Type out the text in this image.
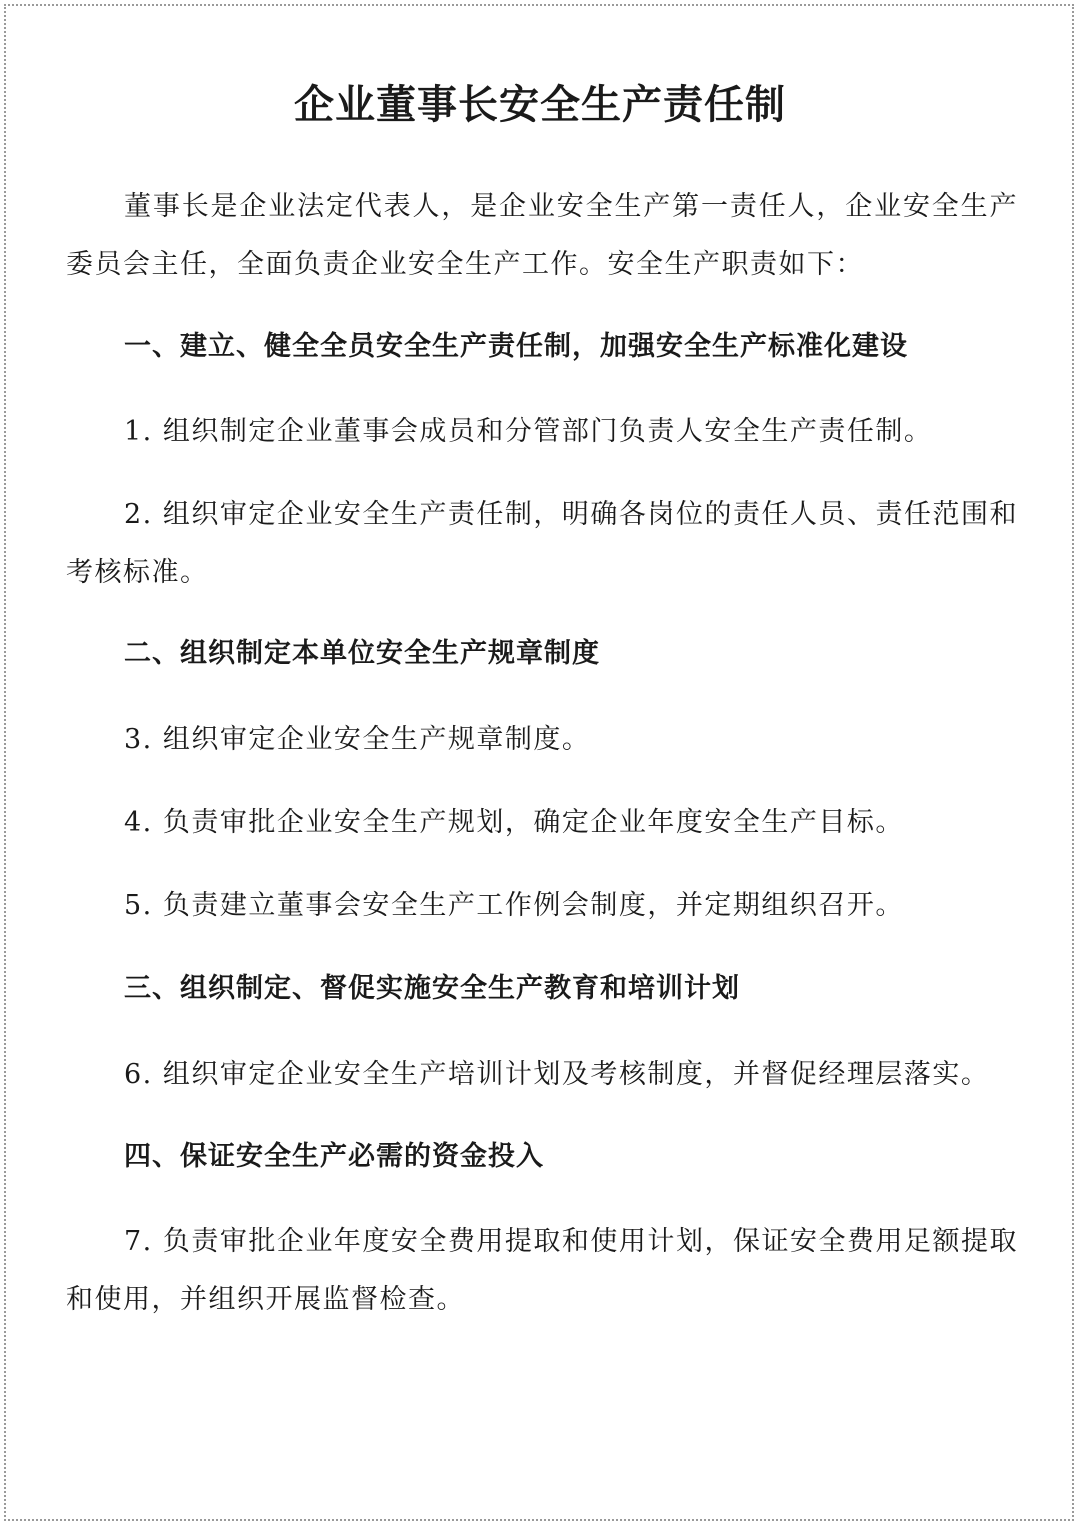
企业董事长安全生产责任制

董事长是企业法定代表人，是企业安全生产第一责任人，企业安全生产委员会主任，全面负责企业安全生产工作。安全生产职责如下：

一、建立、健全全员安全生产责任制，加强安全生产标准化建设

1. 组织制定企业董事会成员和分管部门负责人安全生产责任制。

2. 组织审定企业安全生产责任制，明确各岗位的责任人员、责任范围和考核标准。

二、组织制定本单位安全生产规章制度

3. 组织审定企业安全生产规章制度。

4. 负责审批企业安全生产规划，确定企业年度安全生产目标。

5. 负责建立董事会安全生产工作例会制度，并定期组织召开。

三、组织制定、督促实施安全生产教育和培训计划

6. 组织审定企业安全生产培训计划及考核制度，并督促经理层落实。

四、保证安全生产必需的资金投入

7. 负责审批企业年度安全费用提取和使用计划，保证安全费用足额提取和使用，并组织开展监督检查。
